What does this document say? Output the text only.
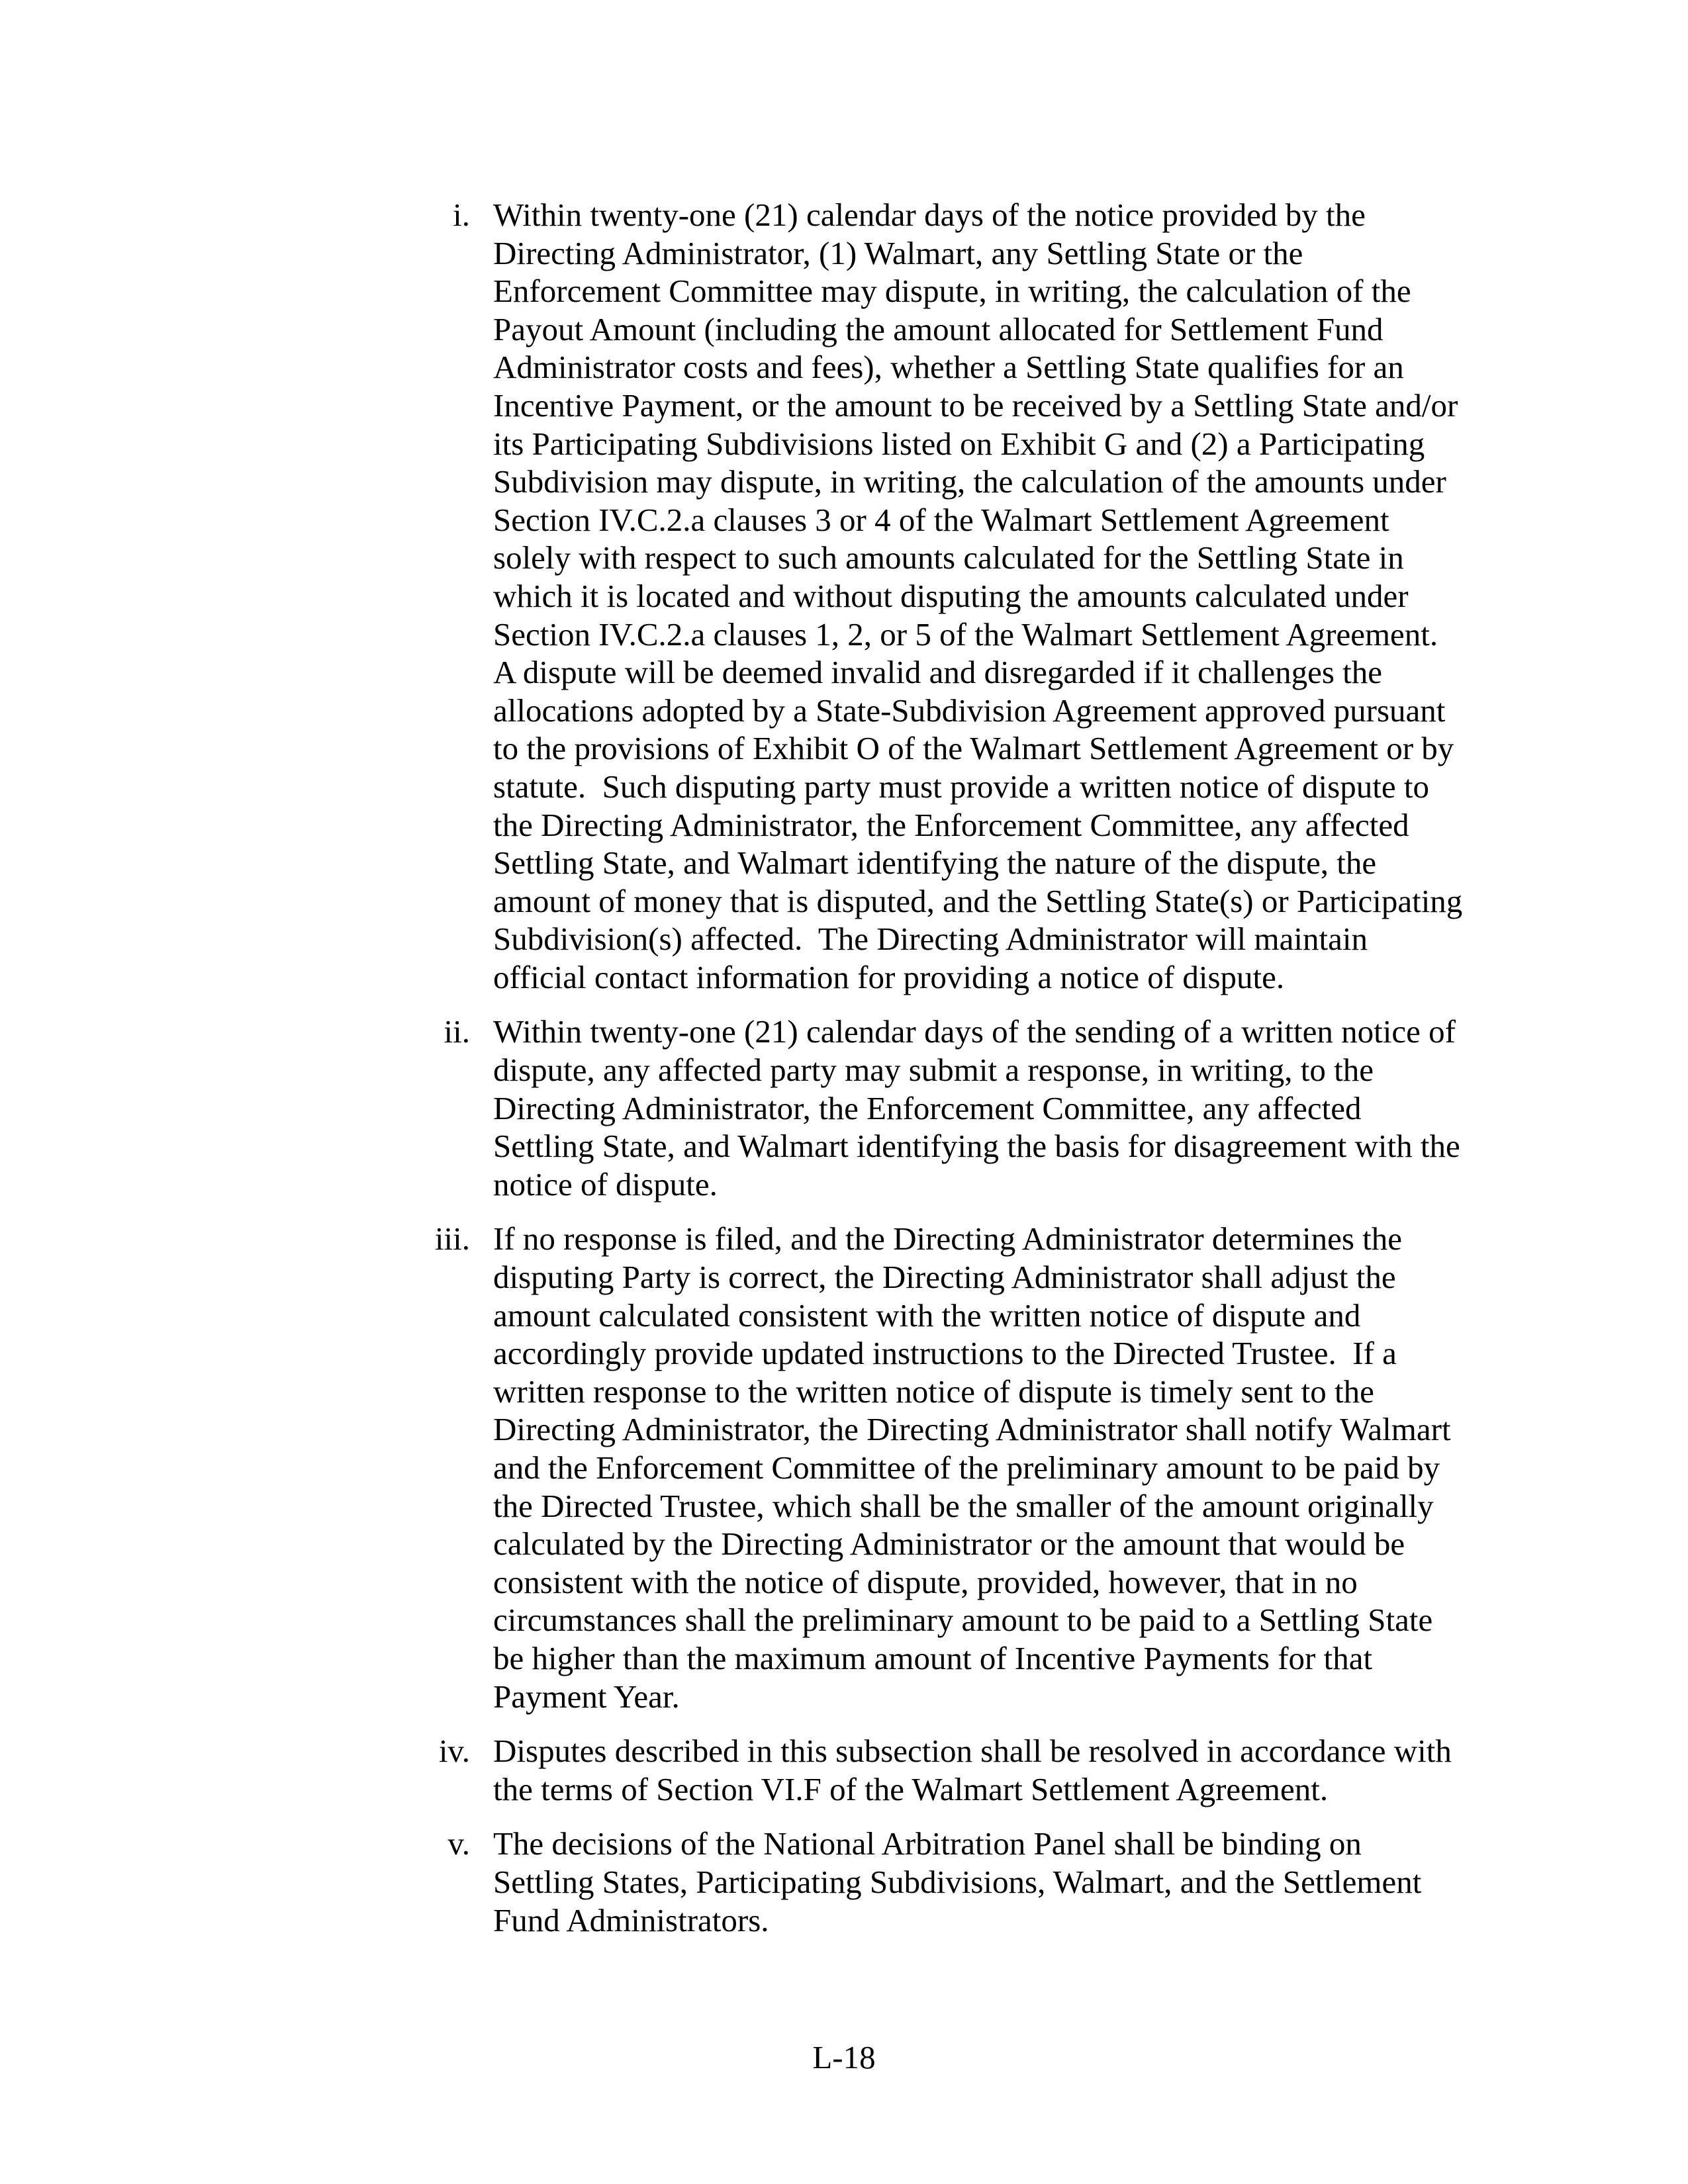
i. Within twenty-one (21) calendar days of the notice provided by the
Directing Administrator, (1) Walmart, any Settling State or the
Enforcement Committee may dispute, in writing, the calculation of the
Payout Amount (including the amount allocated for Settlement Fund
Administrator costs and fees), whether a Settling State qualifies for an
Incentive Payment, or the amount to be received by a Settling State and/or
its Participating Subdivisions listed on Exhibit G and (2) a Participating
Subdivision may dispute, in writing, the calculation of the amounts under
Section IV.C.2.a clauses 3 or 4 of the Walmart Settlement Agreement
solely with respect to such amounts calculated for the Settling State in
which it is located and without disputing the amounts calculated under
Section IV.C.2.a clauses 1, 2, or 5 of the Walmart Settlement Agreement.
A dispute will be deemed invalid and disregarded if it challenges the
allocations adopted by a State-Subdivision Agreement approved pursuant
to the provisions of Exhibit O of the Walmart Settlement Agreement or by
statute.  Such disputing party must provide a written notice of dispute to
the Directing Administrator, the Enforcement Committee, any affected
Settling State, and Walmart identifying the nature of the dispute, the
amount of money that is disputed, and the Settling State(s) or Participating
Subdivision(s) affected.  The Directing Administrator will maintain
official contact information for providing a notice of dispute.
ii. Within twenty-one (21) calendar days of the sending of a written notice of
dispute, any affected party may submit a response, in writing, to the
Directing Administrator, the Enforcement Committee, any affected
Settling State, and Walmart identifying the basis for disagreement with the
notice of dispute.
iii. If no response is filed, and the Directing Administrator determines the
disputing Party is correct, the Directing Administrator shall adjust the
amount calculated consistent with the written notice of dispute and
accordingly provide updated instructions to the Directed Trustee.  If a
written response to the written notice of dispute is timely sent to the
Directing Administrator, the Directing Administrator shall notify Walmart
and the Enforcement Committee of the preliminary amount to be paid by
the Directed Trustee, which shall be the smaller of the amount originally
calculated by the Directing Administrator or the amount that would be
consistent with the notice of dispute, provided, however, that in no
circumstances shall the preliminary amount to be paid to a Settling State
be higher than the maximum amount of Incentive Payments for that
Payment Year.
iv. Disputes described in this subsection shall be resolved in accordance with
the terms of Section VI.F of the Walmart Settlement Agreement.
v. The decisions of the National Arbitration Panel shall be binding on
Settling States, Participating Subdivisions, Walmart, and the Settlement
Fund Administrators.
L-18
